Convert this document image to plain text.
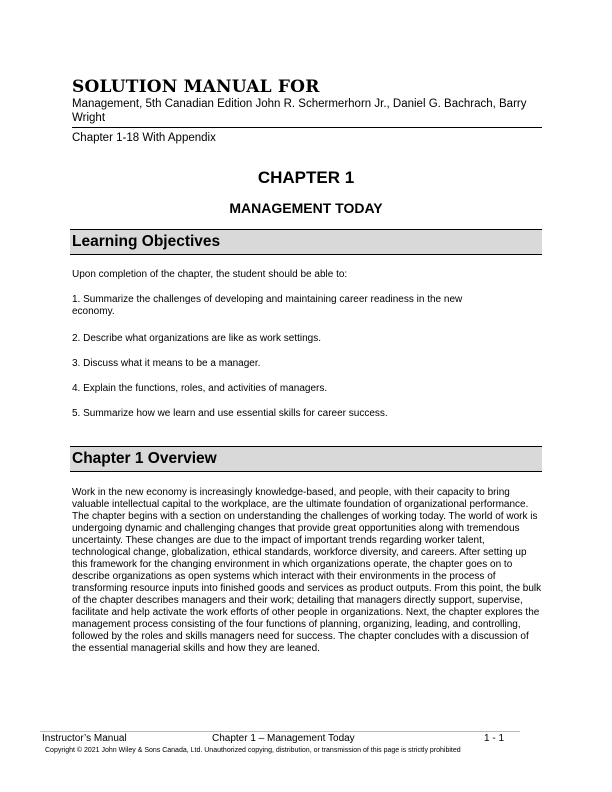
SOLUTION MANUAL FOR
Management, 5th Canadian Edition John R. Schermerhorn Jr., Daniel G. Bachrach, Barry Wright
Chapter 1-18 With Appendix
CHAPTER 1
MANAGEMENT TODAY
Learning Objectives
Upon completion of the chapter, the student should be able to:
1. Summarize the challenges of developing and maintaining career readiness in the new economy.
2. Describe what organizations are like as work settings.
3. Discuss what it means to be a manager.
4. Explain the functions, roles, and activities of managers.
5. Summarize how we learn and use essential skills for career success.
Chapter 1 Overview

Work in the new economy is increasingly knowledge-based, and people, with their capacity to bring valuable intellectual capital to the workplace, are the ultimate foundation of organizational performance. The chapter begins with a section on understanding the challenges of working today. The world of work is undergoing dynamic and challenging changes that provide great opportunities along with tremendous uncertainty. These changes are due to the impact of important trends regarding worker talent, technological change, globalization, ethical standards, workforce diversity, and careers. After setting up this framework for the changing environment in which organizations operate, the chapter goes on to describe organizations as open systems which interact with their environments in the process of transforming resource inputs into finished goods and services as product outputs. From this point, the bulk of the chapter describes managers and their work; detailing that managers directly support, supervise, facilitate and help activate the work efforts of other people in organizations. Next, the chapter explores the management process consisting of the four functions of planning, organizing, leading, and controlling, followed by the roles and skills managers need for success. The chapter concludes with a discussion of the essential managerial skills and how they are leaned.

Instructor’s Manual	Chapter 1 – Management Today	1 - 1
Copyright © 2021 John Wiley & Sons Canada, Ltd. Unauthorized copying, distribution, or transmission of this page is strictly prohibited
